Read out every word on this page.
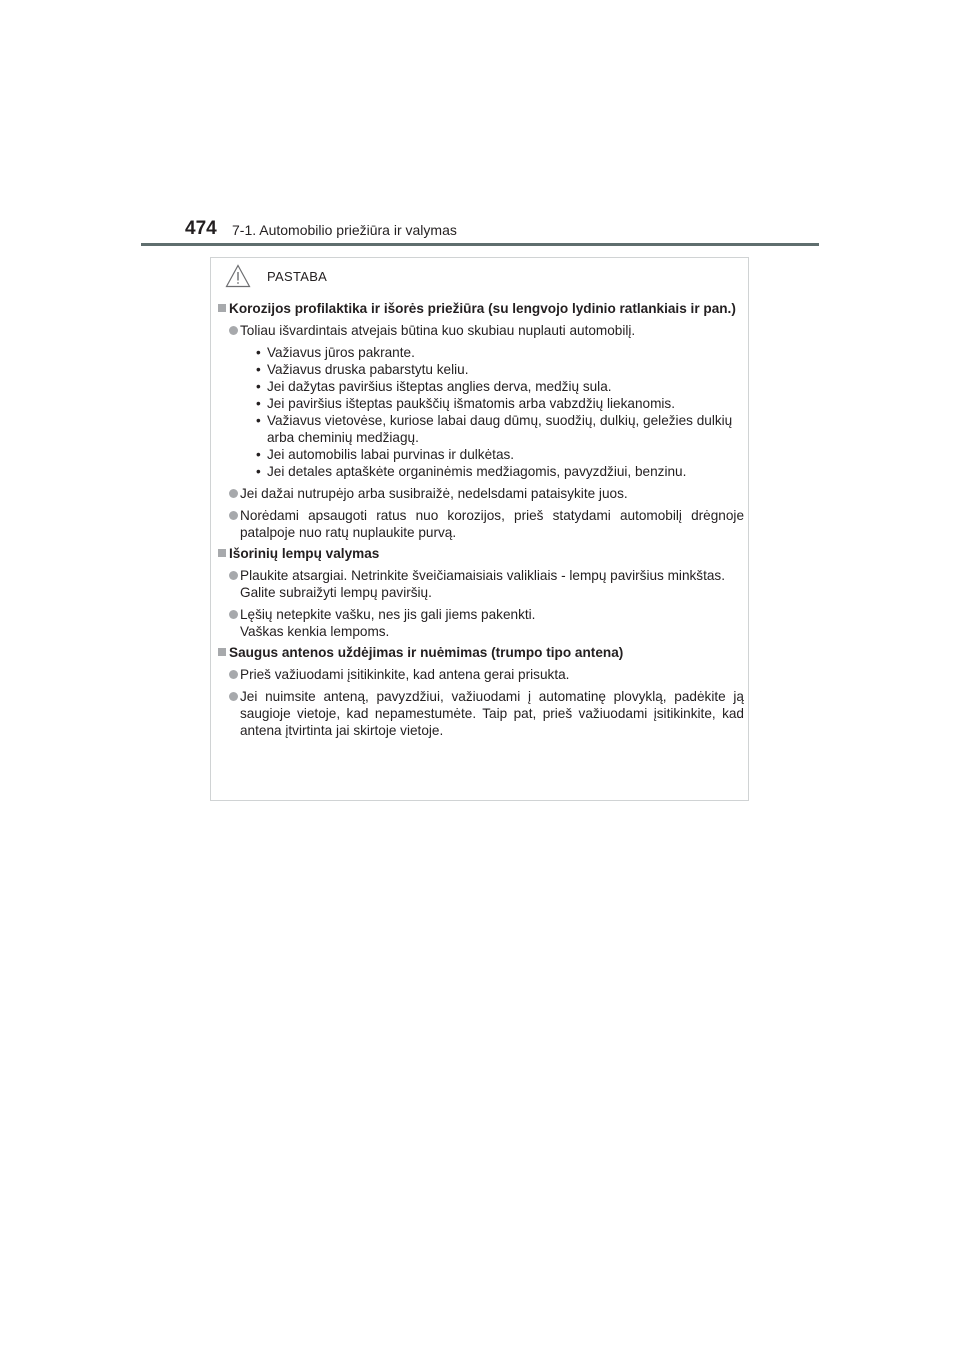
474 7-1. Automobilio priežiūra ir valymas
PASTABA
Korozijos profilaktika ir išorės priežiūra (su lengvojo lydinio ratlankiais ir pan.)
Toliau išvardintais atvejais būtina kuo skubiau nuplauti automobilį.
• Važiavus jūros pakrante.
• Važiavus druska pabarstytu keliu.
• Jei dažytas paviršius išteptas anglies derva, medžių sula.
• Jei paviršius išteptas paukščių išmatomis arba vabzdžių liekanomis.
• Važiavus vietovėse, kuriose labai daug dūmų, suodžių, dulkių, geležies dulkių arba cheminių medžiagų.
• Jei automobilis labai purvinas ir dulkėtas.
• Jei detales aptaškėte organinėmis medžiagomis, pavyzdžiui, benzinu.
Jei dažai nutrupėjo arba susibraižė, nedelsdami pataisykite juos.
Norėdami apsaugoti ratus nuo korozijos, prieš statydami automobilį drėgnoje patalpoje nuo ratų nuplaukite purvą.
Išorinių lempų valymas
Plaukite atsargiai. Netrinkite šveičiamaisiais valikliais - lempų paviršius minkštas.
Galite subraižyti lempų paviršių.
Lęšių netepkite vašku, nes jis gali jiems pakenkti.
Vaškas kenkia lempoms.
Saugus antenos uždėjimas ir nuėmimas (trumpo tipo antena)
Prieš važiuodami įsitikinkite, kad antena gerai prisukta.
Jei nuimsite anteną, pavyzdžiui, važiuodami į automatinę plovyklą, padėkite ją saugioje vietoje, kad nepamestumėte. Taip pat, prieš važiuodami įsitikinkite, kad antena įtvirtinta jai skirtoje vietoje.
